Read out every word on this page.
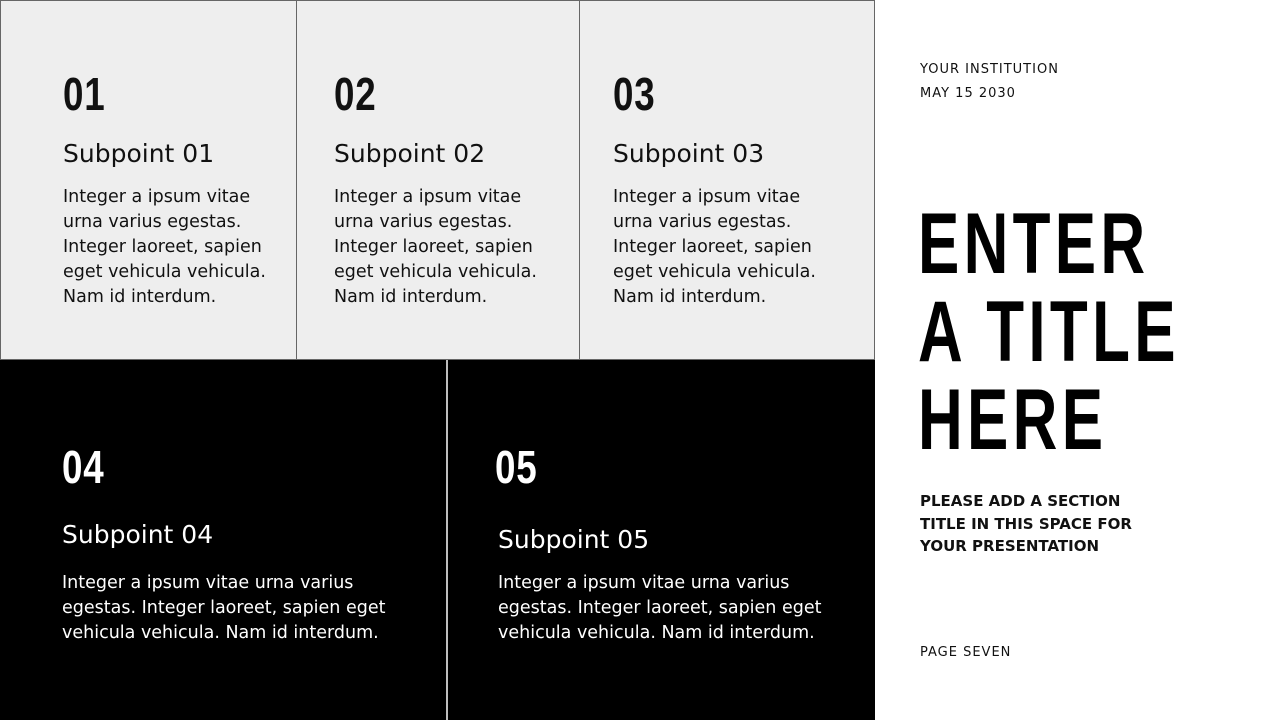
01
Subpoint 01
Integer a ipsum vitae urna varius egestas. Integer laoreet, sapien eget vehicula vehicula. Nam id interdum.
02
Subpoint 02
Integer a ipsum vitae urna varius egestas. Integer laoreet, sapien eget vehicula vehicula. Nam id interdum.
03
Subpoint 03
Integer a ipsum vitae urna varius egestas. Integer laoreet, sapien eget vehicula vehicula. Nam id interdum.
04
Subpoint 04
Integer a ipsum vitae urna varius egestas. Integer laoreet, sapien eget vehicula vehicula. Nam id interdum.
05
Subpoint 05
Integer a ipsum vitae urna varius egestas. Integer laoreet, sapien eget vehicula vehicula. Nam id interdum.
YOUR INSTITUTION
MAY 15 2030
ENTER
A TITLE
HERE
PLEASE ADD A SECTION TITLE IN THIS SPACE FOR YOUR PRESENTATION
PAGE SEVEN
